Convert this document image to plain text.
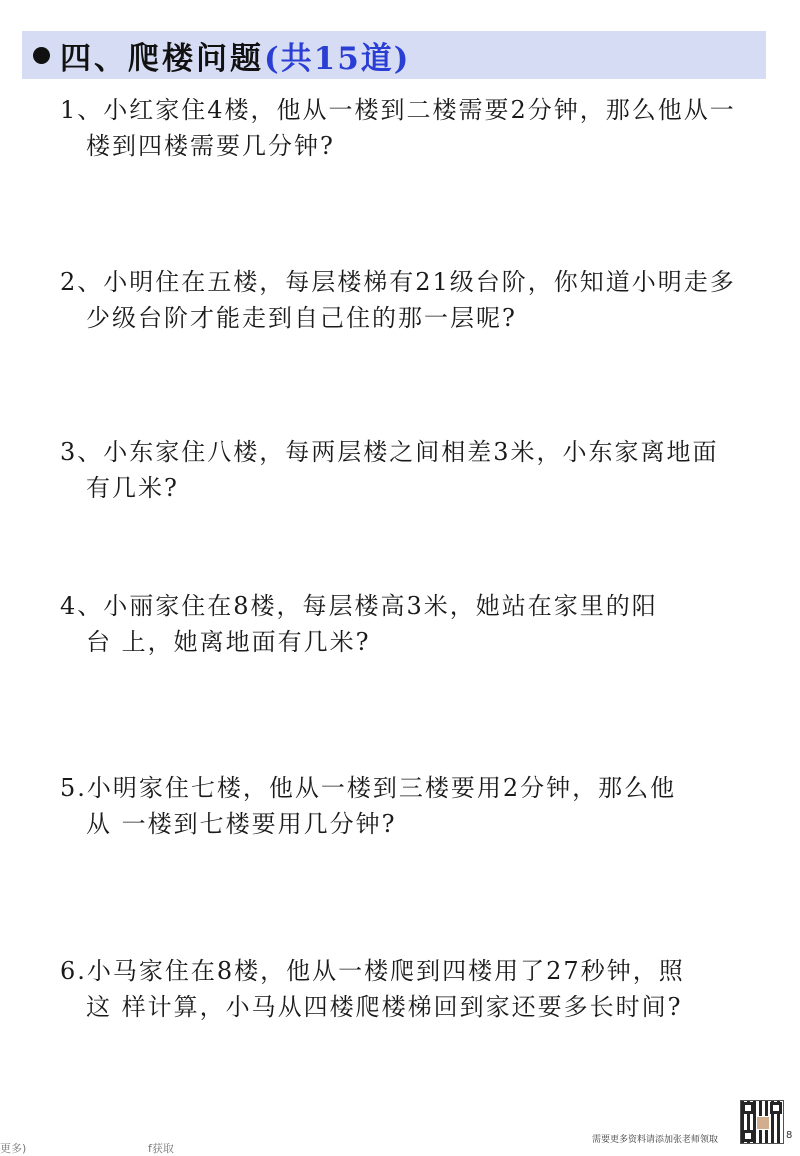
四、爬楼问题 (共15道)
1、小红家住4楼，他从一楼到二楼需要2分钟，那么他从一
楼到四楼需要几分钟?
2、小明住在五楼，每层楼梯有21级台阶，你知道小明走多
少级台阶才能走到自己住的那一层呢?
3、小东家住八楼，每两层楼之间相差3米，小东家离地面
有几米?
4、小丽家住在8楼，每层楼高3米，她站在家里的阳
台 上，她离地面有几米?
5.小明家住七楼，他从一楼到三楼要用2分钟，那么他
从 一楼到七楼要用几分钟?
6.小马家住在8楼，他从一楼爬到四楼用了27秒钟，照
这 样计算，小马从四楼爬楼梯回到家还要多长时间?
8
需要更多资料请添加张老师领取
更多)	f获取
